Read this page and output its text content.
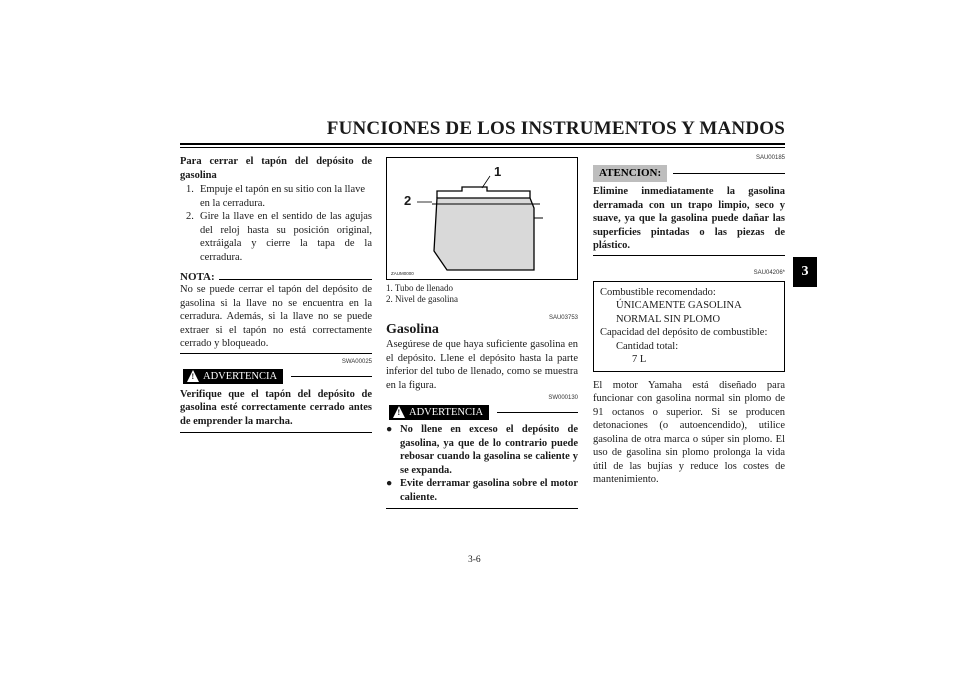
FUNCIONES DE LOS INSTRUMENTOS Y MANDOS
3
Para cerrar el tapón del depósito de gasolina
1. Empuje el tapón en su sitio con la llave en la cerradura.
2. Gire la llave en el sentido de las agujas del reloj hasta su posición original, extráigala y cierre la tapa de la cerradura.
NOTA:
No se puede cerrar el tapón del depósito de gasolina si la llave no se encuentra en la cerradura. Además, si la llave no se puede extraer si el tapón no está correctamente cerrado y bloqueado.
SWA00025
! ADVERTENCIA
Verifique que el tapón del depósito de gasolina esté correctamente cerrado antes de emprender la marcha.
1
2
ZAUM0000
1. Tubo de llenado
2. Nivel de gasolina
SAU03753
Gasolina
Asegúrese de que haya suficiente gasolina en el depósito. Llene el depósito hasta la parte inferior del tubo de llenado, como se muestra en la figura.
SW000130
! ADVERTENCIA
● No llene en exceso el depósito de gasolina, ya que de lo contrario puede rebosar cuando la gasolina se caliente y se expanda.
● Evite derramar gasolina sobre el motor caliente.
SAU00185
ATENCION:
Elimine inmediatamente la gasolina derramada con un trapo limpio, seco y suave, ya que la gasolina puede dañar las superficies pintadas o las piezas de plástico.
SAU04206*
Combustible recomendado:
ÚNICAMENTE GASOLINA
NORMAL SIN PLOMO
Capacidad del depósito de combustible:
Cantidad total:
7 L
El motor Yamaha está diseñado para funcionar con gasolina normal sin plomo de 91 octanos o superior. Si se producen detonaciones (o autoencendido), utilice gasolina de otra marca o súper sin plomo. El uso de gasolina sin plomo prolonga la vida útil de las bujías y reduce los costes de mantenimiento.
3-6
